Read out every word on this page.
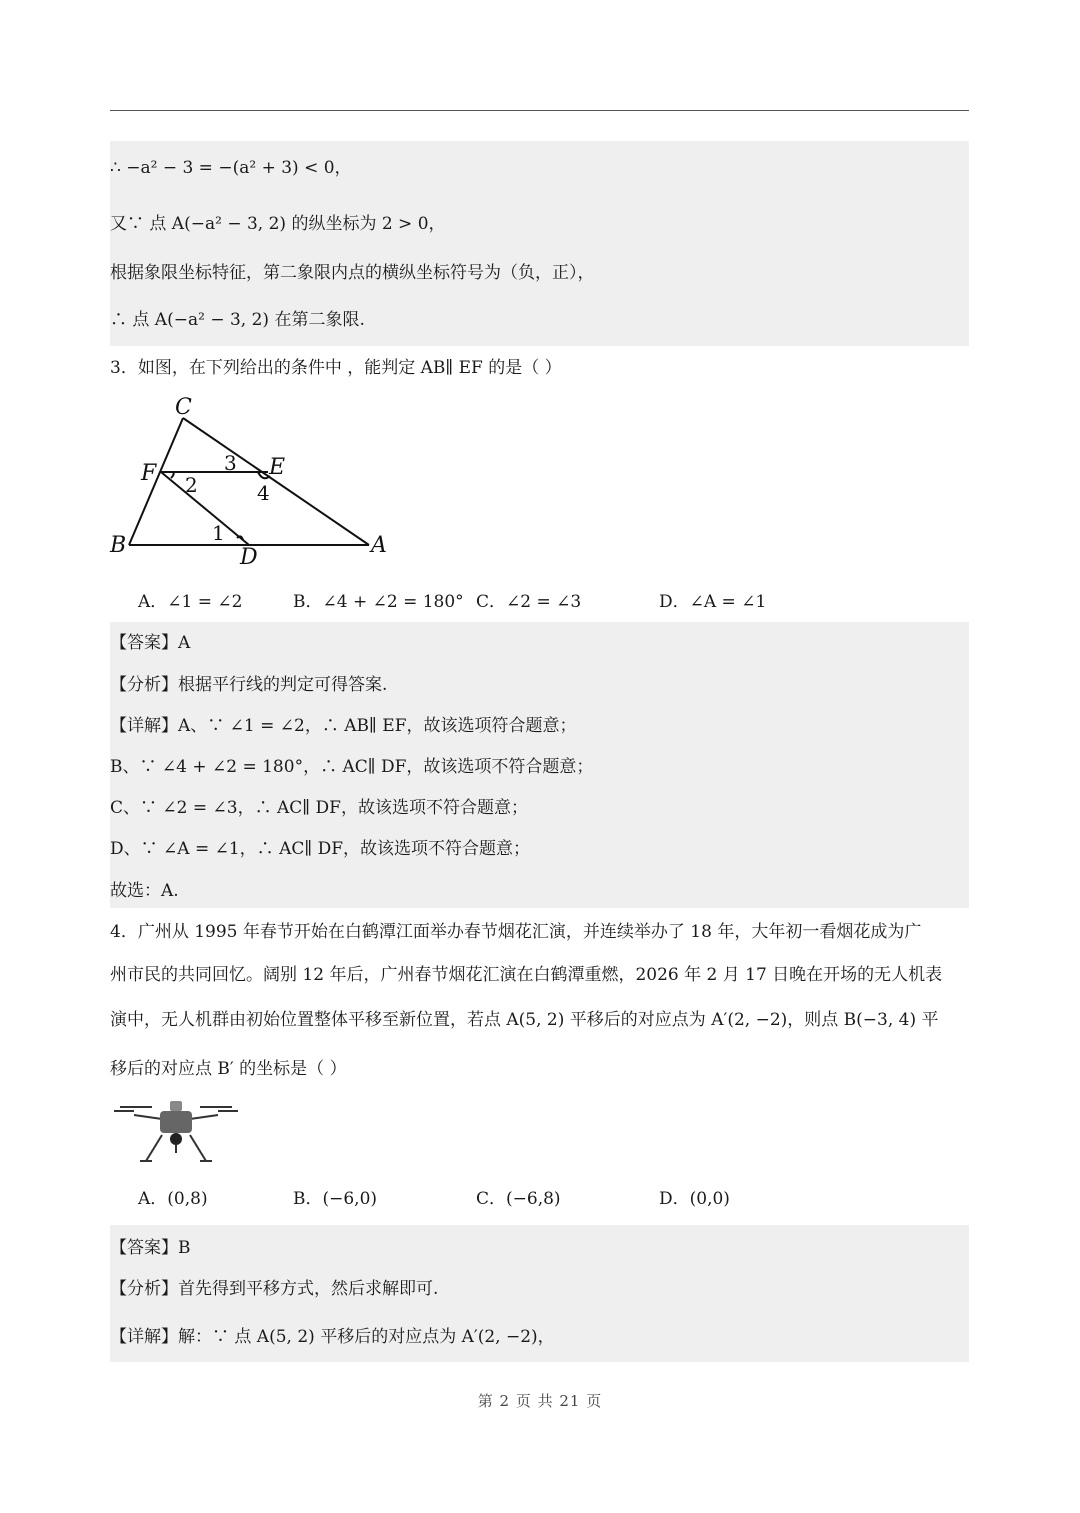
∴ −a² − 3 = −(a² + 3) < 0，
又∵ 点 A(−a² − 3, 2) 的纵坐标为 2 > 0，
根据象限坐标特征，第二象限内点的横纵坐标符号为（负，正），
∴ 点 A(−a² − 3, 2) 在第二象限.
3．如图，在下列给出的条件中 ，能判定 AB∥ EF 的是（ ）
C
F	E
B	D	A
1
2
3
4
A．∠1 = ∠2	B．∠4 + ∠2 = 180° C．∠2 = ∠3	D．∠A = ∠1
【答案】A
【分析】根据平行线的判定可得答案.
【详解】A、∵ ∠1 = ∠2，∴ AB∥ EF，故该选项符合题意；
B、∵ ∠4 + ∠2 = 180°，∴ AC∥ DF，故该选项不符合题意；
C、∵ ∠2 = ∠3，∴ AC∥ DF，故该选项不符合题意；
D、∵ ∠A = ∠1，∴ AC∥ DF，故该选项不符合题意；
故选：A.
4．广州从 1995 年春节开始在白鹤潭江面举办春节烟花汇演，并连续举办了 18 年，大年初一看烟花成为广
州市民的共同回忆。阔别 12 年后，广州春节烟花汇演在白鹤潭重燃，2026 年 2 月 17 日晚在开场的无人机表
演中，无人机群由初始位置整体平移至新位置，若点 A(5, 2) 平移后的对应点为 A′(2, −2)，则点 B(−3, 4) 平
移后的对应点 B′ 的坐标是（ ）
A．(0,8)	B．(−6,0)	C．(−6,8)	D．(0,0)
【答案】B
【分析】首先得到平移方式，然后求解即可.
【详解】解：∵ 点 A(5, 2) 平移后的对应点为 A′(2, −2)，
第 2 页 共 21 页
